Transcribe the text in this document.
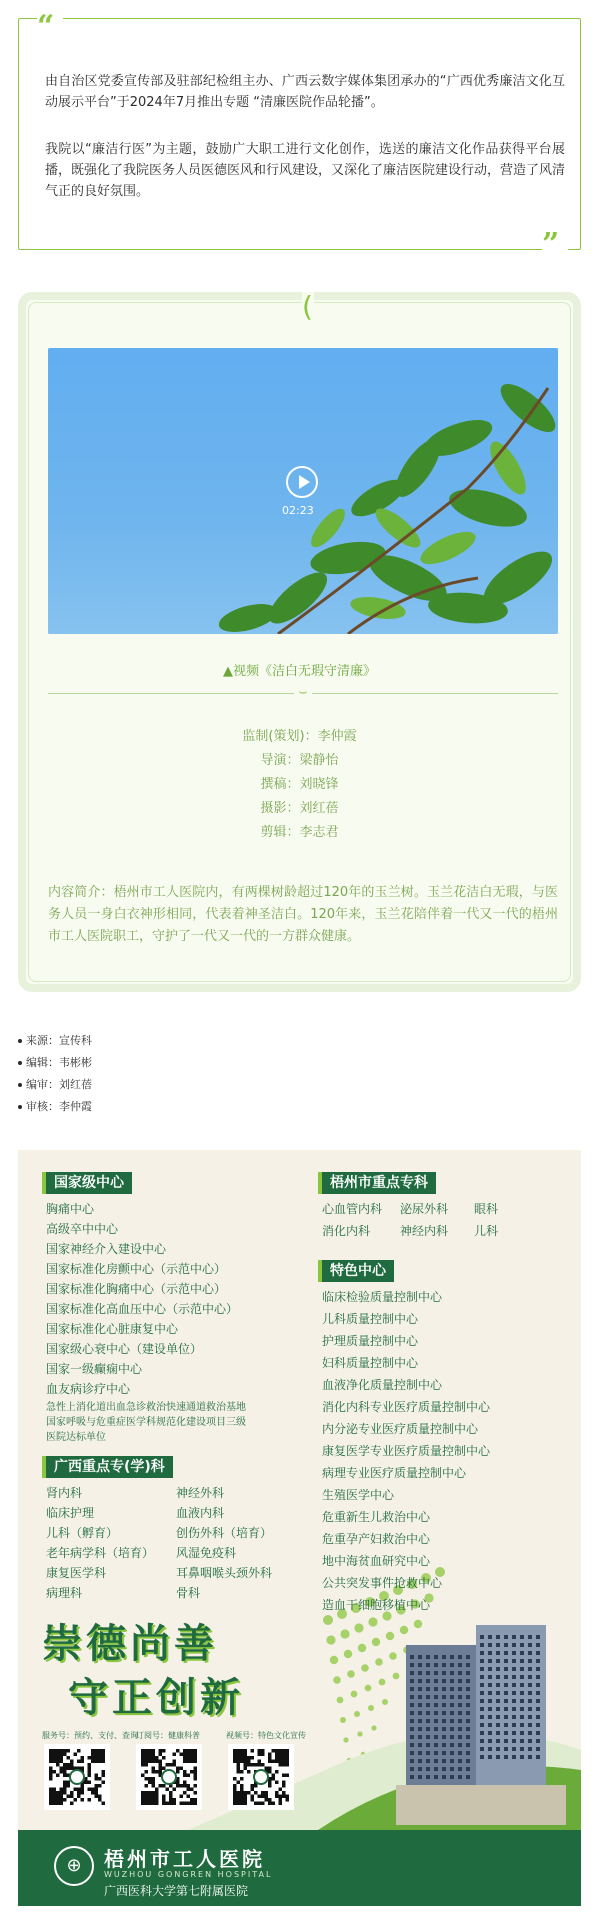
“
由自治区党委宣传部及驻部纪检组主办、广西云数字媒体集团承办的“广西优秀廉洁文化互动展示平台”于2024年7月推出专题 “清廉医院作品轮播”。
我院以“廉洁行医”为主题，鼓励广大职工进行文化创作，选送的廉洁文化作品获得平台展播，既强化了我院医务人员医德医风和行风建设，又深化了廉洁医院建设行动，营造了风清气正的良好氛围。
”
(
02:23
▲视频《洁白无瑕守清廉》
⌣
监制(策划)：李仲霞
导演：梁静怡
撰稿：刘晓锋
摄影：刘红蓓
剪辑：李志君
内容简介：梧州市工人医院内，有两棵树龄超过120年的玉兰树。玉兰花洁白无瑕，与医务人员一身白衣神形相同，代表着神圣洁白。120年来，玉兰花陪伴着一代又一代的梧州市工人医院职工，守护了一代又一代的一方群众健康。
来源：宣传科
编辑：韦彬彬
编审：刘红蓓
审核：李仲霞
国家级中心
广西重点专(学)科
梧州市重点专科
特色中心
崇德尚善
守正创新
服务号：预约、支付、查询
订阅号：健康科普	视频号：特色文化宣传
⊕	梧州市工人医院
WUZHOU GONGREN HOSPITAL
广西医科大学第七附属医院
胸痛中心
高级卒中中心
国家神经介入建设中心
国家标准化房颤中心（示范中心）
国家标准化胸痛中心（示范中心）
国家标准化高血压中心（示范中心）
国家标准化心脏康复中心
国家级心衰中心（建设单位）
国家一级癫痫中心
血友病诊疗中心
急性上消化道出血急诊救治快速通道救治基地
国家呼吸与危重症医学科规范化建设项目三级
医院达标单位
肾内科
临床护理
儿科（孵育）
老年病学科（培育）
康复医学科
病理科
神经外科
血液内科
创伤外科（培育）
风湿免疫科
耳鼻咽喉头颈外科
骨科
心血管内科 泌尿外科 眼科
消化内科 神经内科 儿科
临床检验质量控制中心
儿科质量控制中心
护理质量控制中心
妇科质量控制中心
血液净化质量控制中心
消化内科专业医疗质量控制中心
内分泌专业医疗质量控制中心
康复医学专业医疗质量控制中心
病理专业医疗质量控制中心
生殖医学中心
危重新生儿救治中心
危重孕产妇救治中心
地中海贫血研究中心
公共突发事件抢救中心
造血干细胞移植中心
